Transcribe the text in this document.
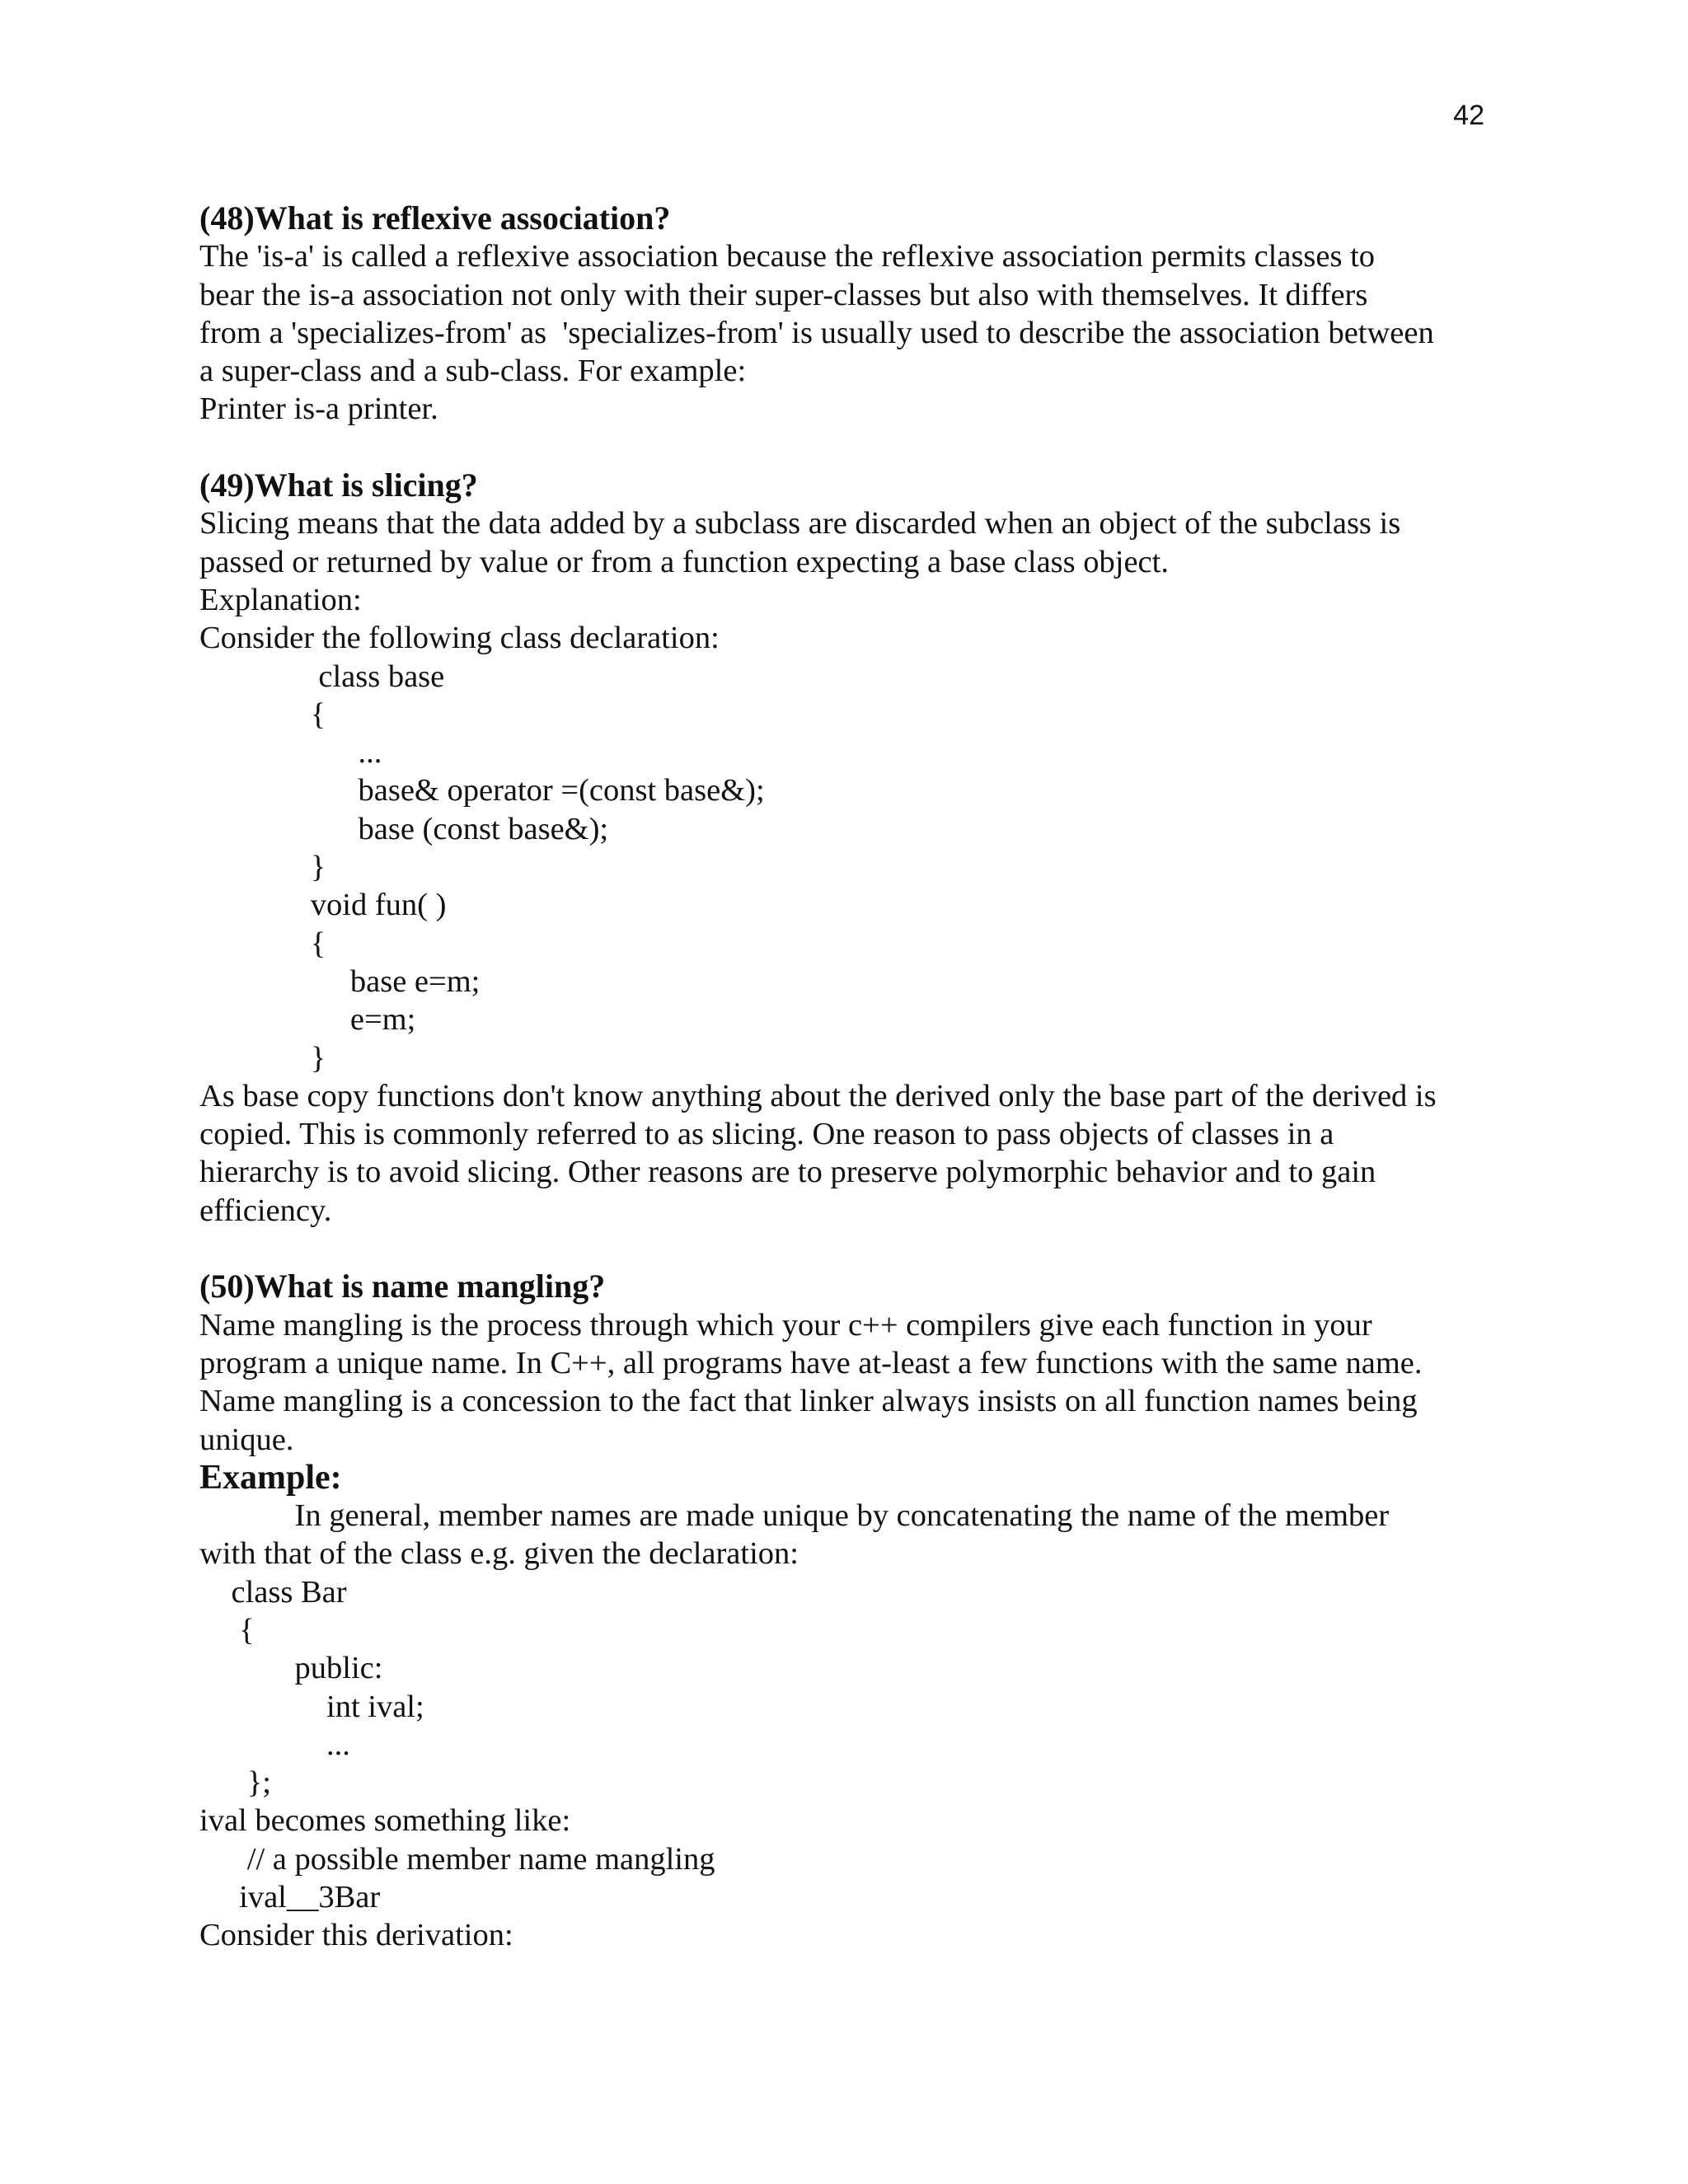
42
(48)What is reflexive association?
The 'is-a' is called a reflexive association because the reflexive association permits classes to
bear the is-a association not only with their super-classes but also with themselves. It differs
from a 'specializes-from' as  'specializes-from' is usually used to describe the association between
a super-class and a sub-class. For example:
Printer is-a printer.
(49)What is slicing?
Slicing means that the data added by a subclass are discarded when an object of the subclass is
passed or returned by value or from a function expecting a base class object.
Explanation:
Consider the following class declaration:
class base
{
...
base& operator =(const base&);
base (const base&);
}
void fun( )
{
base e=m;
e=m;
}
As base copy functions don't know anything about the derived only the base part of the derived is
copied. This is commonly referred to as slicing. One reason to pass objects of classes in a
hierarchy is to avoid slicing. Other reasons are to preserve polymorphic behavior and to gain
efficiency.
(50)What is name mangling?
Name mangling is the process through which your c++ compilers give each function in your
program a unique name. In C++, all programs have at-least a few functions with the same name.
Name mangling is a concession to the fact that linker always insists on all function names being
unique.
Example:
In general, member names are made unique by concatenating the name of the member
with that of the class e.g. given the declaration:
class Bar
{
public:
int ival;
...
};
ival becomes something like:
// a possible member name mangling
ival__3Bar
Consider this derivation:
